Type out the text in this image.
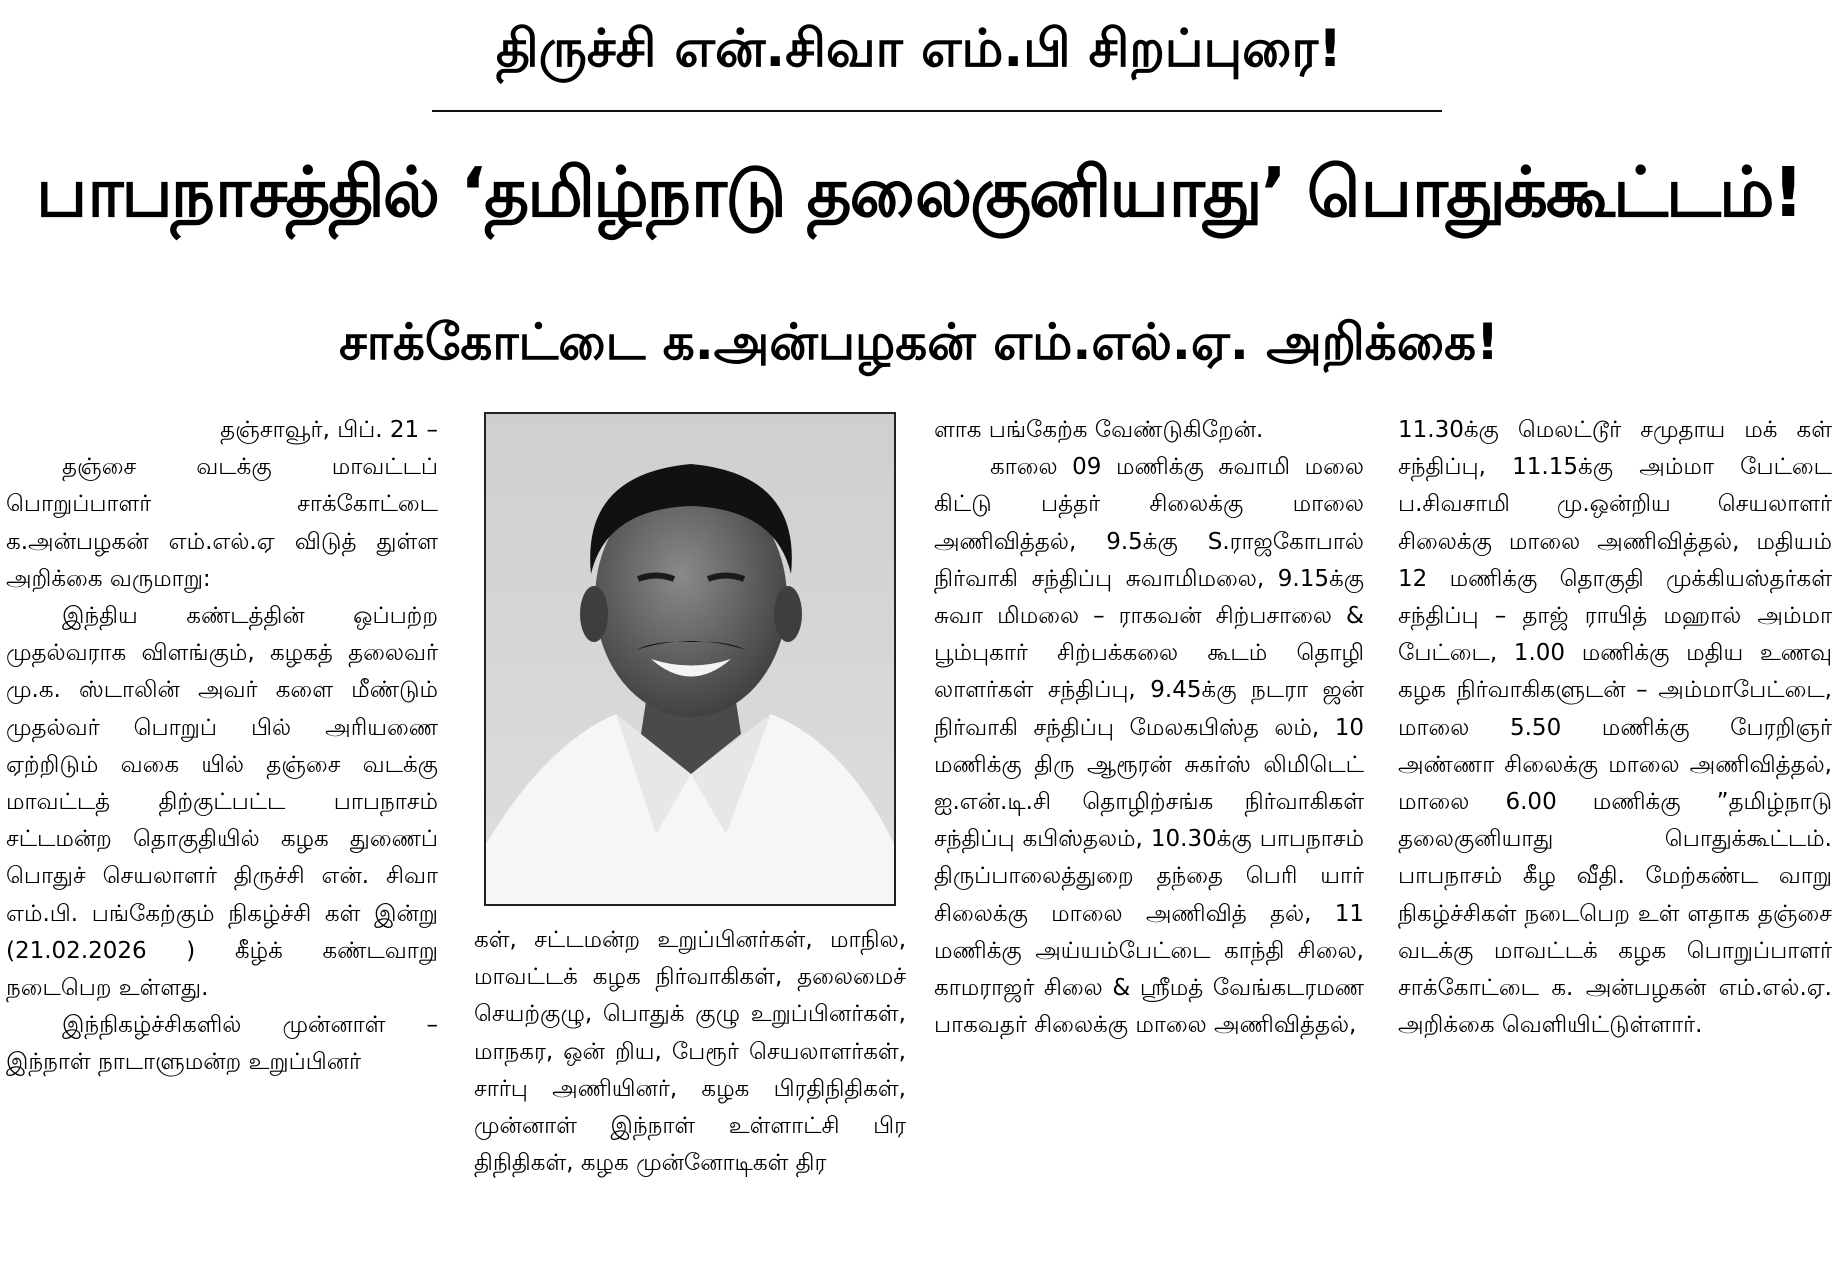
திருச்சி என்.சிவா எம்.பி சிறப்புரை!
பாபநாசத்தில் ‘தமிழ்நாடு தலைகுனியாது’ பொதுக்கூட்டம்!
சாக்கோட்டை க.அன்பழகன் எம்.எல்.ஏ. அறிக்கை!

தஞ்சாவூர், பிப். 21 –

தஞ்சை வடக்கு மாவட்டப் பொறுப்பாளர் சாக்கோட்டை க.அன்பழகன் எம்.எல்.ஏ விடுத் துள்ள அறிக்கை வருமாறு:

இந்திய கண்டத்தின் ஒப்பற்ற முதல்வராக விளங்கும், கழகத் தலைவர் மு.க. ஸ்டாலின் அவர் களை மீண்டும் முதல்வர் பொறுப் பில் அரியணை ஏற்றிடும் வகை யில் தஞ்சை வடக்கு மாவட்டத் திற்குட்பட்ட பாபநாசம் சட்டமன்ற தொகுதியில் கழக துணைப் பொதுச் செயலாளர் திருச்சி என். சிவா எம்.பி. பங்கேற்கும் நிகழ்ச்சி கள் இன்று (21.02.2026 ) கீழ்க் கண்டவாறு நடைபெற உள்ளது.

இந்நிகழ்ச்சிகளில் முன்னாள் – இந்நாள் நாடாளுமன்ற உறுப்பினர்

கள், சட்டமன்ற உறுப்பினர்கள், மாநில, மாவட்டக் கழக நிர்வாகிகள், தலைமைச் செயற்குழு, பொதுக் குழு உறுப்பினர்கள், மாநகர, ஒன் றிய, பேரூர் செயலாளர்கள், சார்பு அணியினர், கழக பிரதிநிதிகள், முன்னாள் இந்நாள் உள்ளாட்சி பிர திநிதிகள், கழக முன்னோடிகள் திர

ளாக பங்கேற்க வேண்டுகிறேன்.

காலை 09 மணிக்கு சுவாமி மலை கிட்டு பத்தர் சிலைக்கு மாலை அணிவித்தல், 9.5க்கு S.ராஜகோபால் நிர்வாகி சந்திப்பு சுவாமிமலை, 9.15க்கு சுவா மிமலை – ராகவன் சிற்பசாலை & பூம்புகார் சிற்பக்கலை கூடம் தொழி லாளர்கள் சந்திப்பு, 9.45க்கு நடரா ஜன் நிர்வாகி சந்திப்பு மேலகபிஸ்த லம், 10 மணிக்கு திரு ஆரூரன் சுகர்ஸ் லிமிடெட் ஐ.என்.டி.சி தொழிற்சங்க நிர்வாகிகள் சந்திப்பு கபிஸ்தலம், 10.30க்கு பாபநாசம் திருப்பாலைத்துறை தந்தை பெரி யார் சிலைக்கு மாலை அணிவித் தல், 11 மணிக்கு அய்யம்பேட்டை காந்தி சிலை, காமராஜர் சிலை & ஸ்ரீமத் வேங்கடரமண பாகவதர் சிலைக்கு மாலை அணிவித்தல்,

11.30க்கு மெலட்டூர் சமுதாய மக் கள் சந்திப்பு, 11.15க்கு அம்மா பேட்டை ப.சிவசாமி மு.ஒன்றிய செயலாளர் சிலைக்கு மாலை அணிவித்தல், மதியம் 12 மணிக்கு தொகுதி முக்கியஸ்தர்கள் சந்திப்பு – தாஜ் ராயித் மஹால் அம்மா பேட்டை, 1.00 மணிக்கு மதிய உணவு கழக நிர்வாகிகளுடன் – அம்மாபேட்டை, மாலை 5.50 மணிக்கு பேரறிஞர் அண்ணா சிலைக்கு மாலை அணிவித்தல், மாலை 6.00 மணிக்கு ”தமிழ்நாடு தலைகுனியாது பொதுக்கூட்டம். பாபநாசம் கீழ வீதி. மேற்கண்ட வாறு நிகழ்ச்சிகள் நடைபெற உள் ளதாக தஞ்சை வடக்கு மாவட்டக் கழக பொறுப்பாளர் சாக்கோட்டை க. அன்பழகன் எம்.எல்.ஏ. அறிக்கை வெளியிட்டுள்ளார்.
